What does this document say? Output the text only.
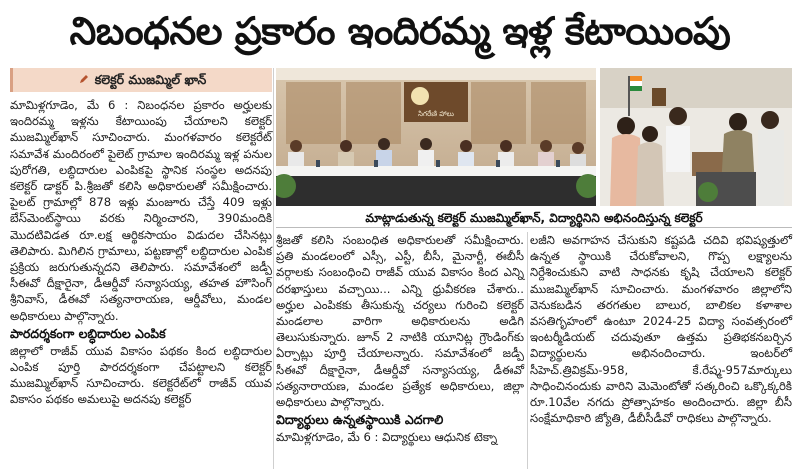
నిబంధనల ప్రకారం ఇందిరమ్మ ఇళ్ల కేటాయింపు
కలెక్టర్ ముజమ్మిల్ ఖాన్

మామిళ్లగూడెం, మే 6 : నిబంధనల ప్రకారం అర్హులకు ఇందిరమ్మ ఇళ్లను కేటాయింపు చేయాలని కలెక్టర్ ముజమ్మిల్‌ఖాన్ సూచించారు. మంగళవారం కలెక్టరేట్ సమావేశ మందిరంలో పైలెట్ గ్రామాల ఇందిరమ్మ ఇళ్ల పనుల పురోగతి, లబ్ధిదారుల ఎంపికపై స్థానిక సంస్థల అదనపు కలెక్టర్ డాక్టర్ పి.శ్రీజతో కలిసి అధికారులతో సమీక్షించారు. పైలట్ గ్రామాల్లో 878 ఇళ్లు మంజూరు చేస్తే 409 ఇళ్లు బేస్‌మెంట్‌స్థాయి వరకు నిర్మించారని, 390మందికి మొదటివిడత రూ.లక్ష ఆర్థికసాయం విడుదల చేసినట్లు తెలిపారు. మిగిలిన గ్రామాలు, పట్టణాల్లో లబ్ధిదారుల ఎంపిక ప్రక్రియ జరుగుతున్నదని తెలిపారు. సమావేశంలో జడ్పీ సీఈవో దీక్షారైనా, డీఆర్డీవో సన్యాసయ్య, తహత హౌసింగ్ శ్రీనివాస్, డీఈవో సత్యనారాయణ, ఆర్డీవోలు, మండల అధికారులు పాల్గొన్నారు.

పారదర్శకంగా లబ్ధిదారుల ఎంపిక

జిల్లాలో రాజీవ్ యువ వికాసం పథకం కింద లబ్ధిదారుల ఎంపిక పూర్తి పారదర్శకంగా చేపట్టాలని కలెక్టర్ ముజమ్మిల్‌ఖాన్ సూచించారు. కలెక్టరేట్‌లో రాజీవ్ యువ వికాసం పథకం అమలుపై అదనపు కలెక్టర్

సిగరేణి హాలు
మాట్లాడుతున్న కలెక్టర్ ముజమ్మిల్‌ఖాన్, విద్యార్థినిని అభినందిస్తున్న కలెక్టర్

శ్రీజతో కలిసి సంబంధిత అధికారులతో సమీక్షించారు. ప్రతి మండలంలో ఎస్సీ, ఎస్టీ, బీసీ, మైనార్టీ, ఈబీసీ వర్గాలకు సంబంధించి రాజీవ్ యువ వికాసం కింద ఎన్ని దరఖాస్తులు వచ్చాయి... ఎన్ని ధ్రువీకరణ చేశారు.. అర్హుల ఎంపికకు తీసుకున్న చర్యలు గురించి కలెక్టర్ మండలాల వారిగా అధికారులను అడిగి తెలుసుకున్నారు. జూన్ 2 నాటికి యూనిట్ల గ్రౌండింగ్‌కు ఏర్పాట్లు పూర్తి చేయాలన్నారు. సమావేశంలో జడ్పీ సీఈవో దీక్షారైనా, డీఆర్డీవో సన్యాసయ్య, డీఈవో సత్యనారాయణ, మండల ప్రత్యేక అధికారులు, జిల్లా అధికారులు పాల్గొన్నారు.

విద్యార్థులు ఉన్నతస్థాయికి ఎదగాలి

మామిళ్లగూడెం, మే 6 : విద్యార్థులు ఆధునిక టెక్నా

లజీని అవగాహన చేసుకుని కష్టపడి చదివి భవిష్యత్తులో ఉన్నత స్థాయికి చేరుకోవాలని, గొప్ప లక్ష్యాలను నిర్దేశించుకుని వాటి సాధనకు కృషి చేయాలని కలెక్టర్ ముజమ్మిల్‌ఖాన్ సూచించారు. మంగళవారం జిల్లాలోని వెనుకబడిన తరగతుల బాలుర, బాలికల కళాశాల వసతిగృహంలో ఉంటూ 2024-25 విద్యా సంవత్సరంలో ఇంటర్మీడియట్ చదువుతూ ఉత్తమ ప్రతిభకనబర్చిన విద్యార్థులను అభినందించారు. ఇంటర్‌లో సీహెచ్.త్రివిక్రమ్-958, కే.రేష్మ-957మార్కులు సాధించినందుకు వారిని మెమెంటోతో సత్కరించి ఒక్కొక్కరికి రూ.10వేల నగదు ప్రోత్సాహకం అందించారు. జిల్లా బీసీ సంక్షేమాధికారి జ్యోతి, డీబీసీడీవో రాధికలు పాల్గొన్నారు.
